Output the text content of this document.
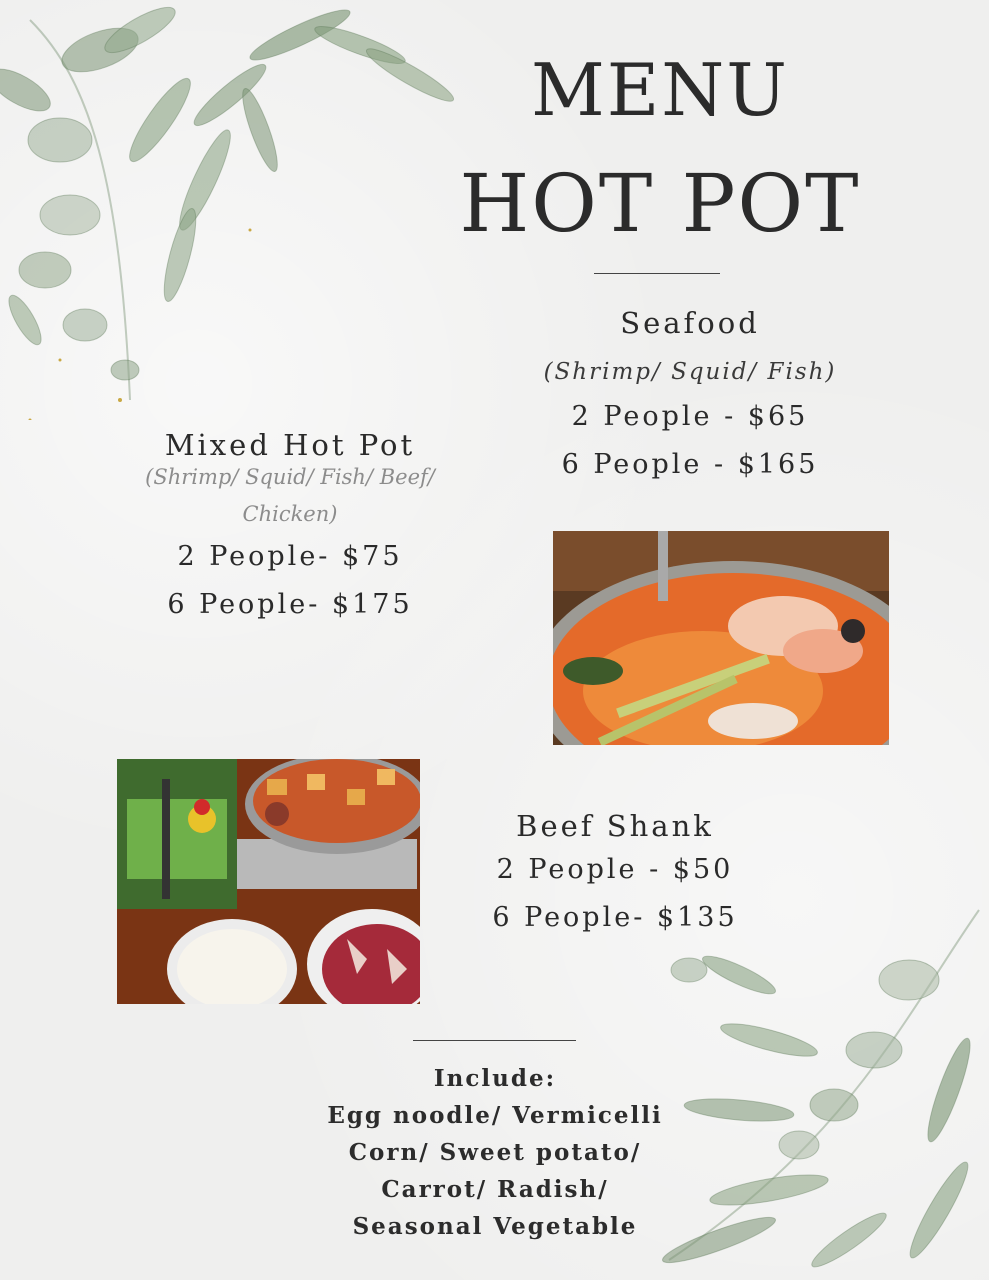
MENU
HOT POT
Seafood
(Shrimp/ Squid/ Fish)
2 People - $65
6 People - $165
Mixed Hot Pot
(Shrimp/ Squid/ Fish/ Beef/
Chicken)
2 People- $75
6 People- $175
Beef Shank
2 People - $50
6 People- $135
Include:
Egg noodle/ Vermicelli
Corn/ Sweet potato/
Carrot/ Radish/
Seasonal Vegetable
